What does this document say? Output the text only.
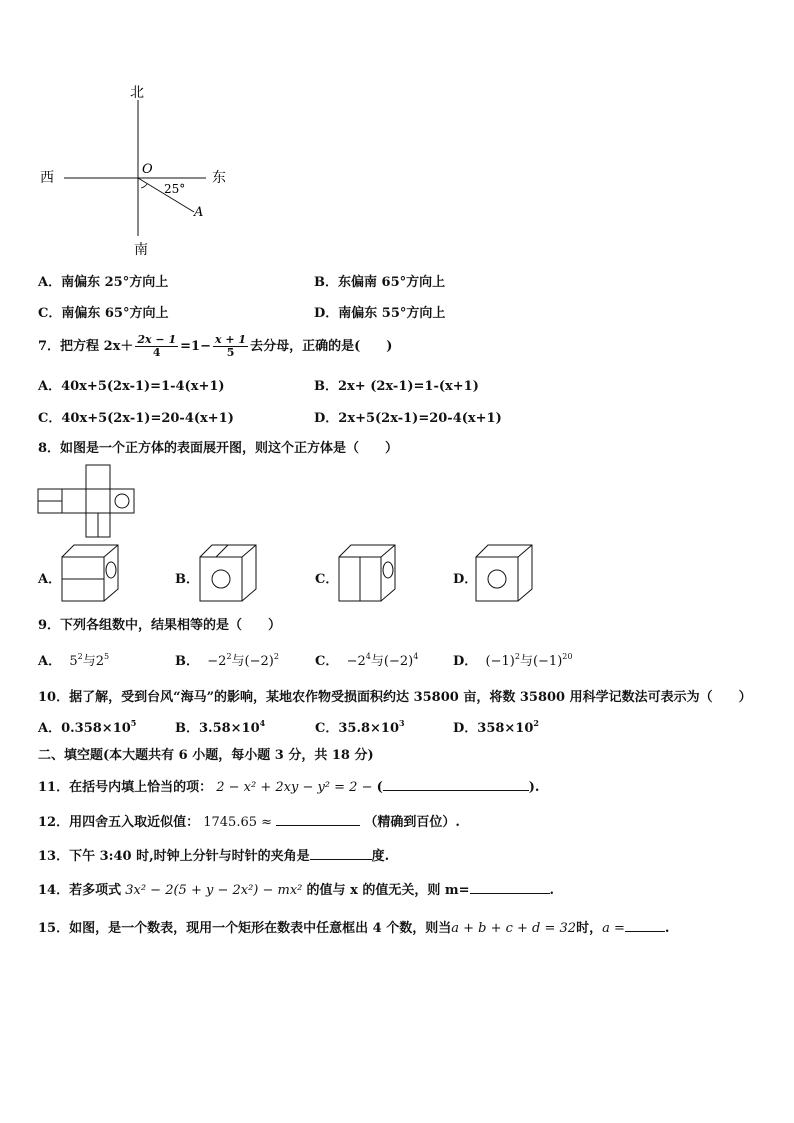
北
南
西	东
O
A
25°
A．南偏东 25°方向上	B．东偏南 65°方向上
C．南偏东 65°方向上	D．南偏东 55°方向上
7．把方程 $2x+ \frac{2x - 1}{4} =1- \frac{x + 1}{5}$ 去分母，正确的是(　　)
A．40x+5(2x-1)=1-4(x+1)	B．2x+ (2x-1)=1-(x+1)
C．40x+5(2x-1)=20-4(x+1)	D．2x+5(2x-1)=20-4(x+1)
8．如图是一个正方体的表面展开图，则这个正方体是（　　）
A．	B．	C．	D．
9．下列各组数中，结果相等的是（　　）
A． $5^2$与$2^5$	B． $-2^2$与$(-2)^2$	C． $-2^4$与$(-2)^4$	D． $(-1)^2$与$(-1)^{20}$
10．据了解，受到台风“海马”的影响，某地农作物受损面积约达 35800 亩，将数 35800 用科学记数法可表示为（　　）
A．$0.358\times 10^5$	B．$3.58\times 10^4$	C．$35.8\times 10^3$	D．$358\times 10^2$
二、填空题(本大题共有 6 小题，每小题 3 分，共 18 分)
11．在括号内填上恰当的项： 2 − x² + 2xy − y² = 2 − (	).
12．用四舍五入取近似值： 1745.65 ≈	（精确到百位）.
13．下午 3:40 时,时钟上分针与时针的夹角是	度.
14．若多项式 3x² − 2(5 + y − 2x²) − mx² 的值与 x 的值无关，则 m=	.
15．如图，是一个数表，现用一个矩形在数表中任意框出 4 个数，则当a + b + c + d = 32时，a =	.
